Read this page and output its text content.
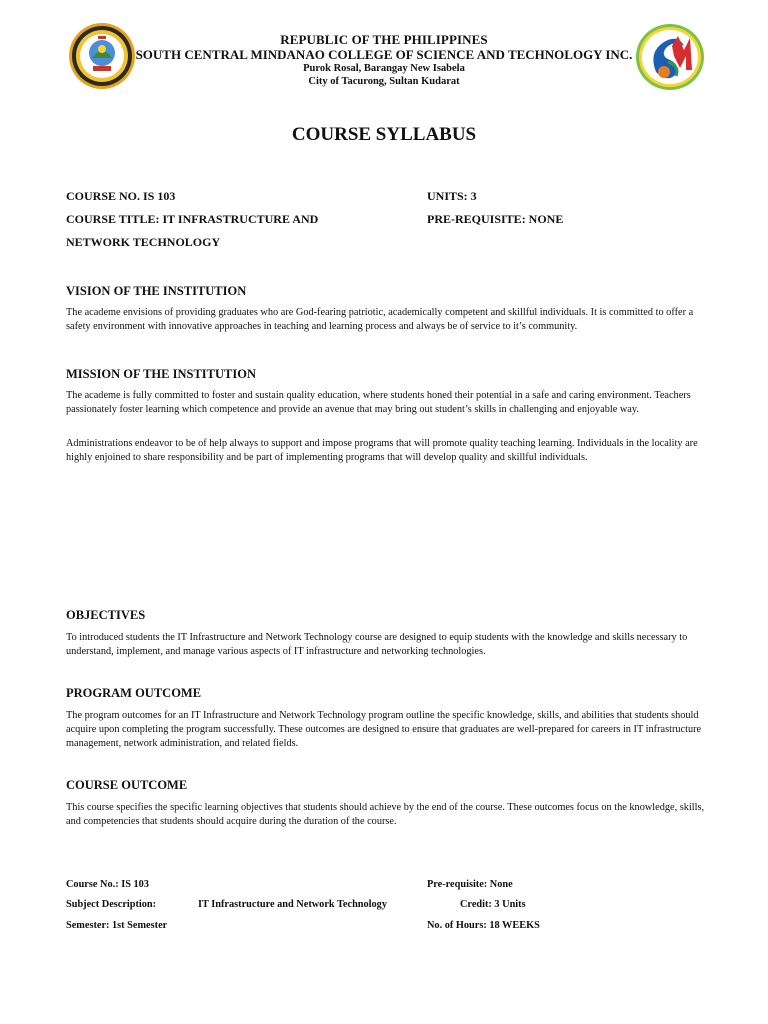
REPUBLIC OF THE PHILIPPINES
SOUTH CENTRAL MINDANAO COLLEGE OF SCIENCE AND TECHNOLOGY INC.
Purok Rosal, Barangay New Isabela
City of Tacurong, Sultan Kudarat
COURSE SYLLABUS
COURSE NO. IS 103	UNITS: 3
COURSE TITLE: IT INFRASTRUCTURE AND	PRE-REQUISITE: NONE
NETWORK TECHNOLOGY
VISION OF THE INSTITUTION
The academe envisions of providing graduates who are God-fearing patriotic, academically competent and skillful individuals. It is committed to offer a safety environment with innovative approaches in teaching and learning process and always be of service to it’s community.
MISSION OF THE INSTITUTION
The academe is fully committed to foster and sustain quality education, where students honed their potential in a safe and caring environment. Teachers passionately foster learning which competence and provide an avenue that may bring out student’s skills in challenging and enjoyable way.
Administrations endeavor to be of help always to support and impose programs that will promote quality teaching learning. Individuals in the locality are highly enjoined to share responsibility and be part of implementing programs that will develop quality and skillful individuals.
OBJECTIVES
To introduced students the IT Infrastructure and Network Technology course are designed to equip students with the knowledge and skills necessary to understand, implement, and manage various aspects of IT infrastructure and networking technologies.
PROGRAM OUTCOME
The program outcomes for an IT Infrastructure and Network Technology program outline the specific knowledge, skills, and abilities that students should acquire upon completing the program successfully. These outcomes are designed to ensure that graduates are well-prepared for careers in IT infrastructure management, network administration, and related fields.
COURSE OUTCOME
This course specifies the specific learning objectives that students should achieve by the end of the course. These outcomes focus on the knowledge, skills, and competencies that students should acquire during the duration of the course.
Course No.: IS 103	Pre-requisite: None
Subject Description:	IT Infrastructure and Network Technology	Credit: 3 Units
Semester: 1st Semester	No. of Hours: 18 WEEKS
